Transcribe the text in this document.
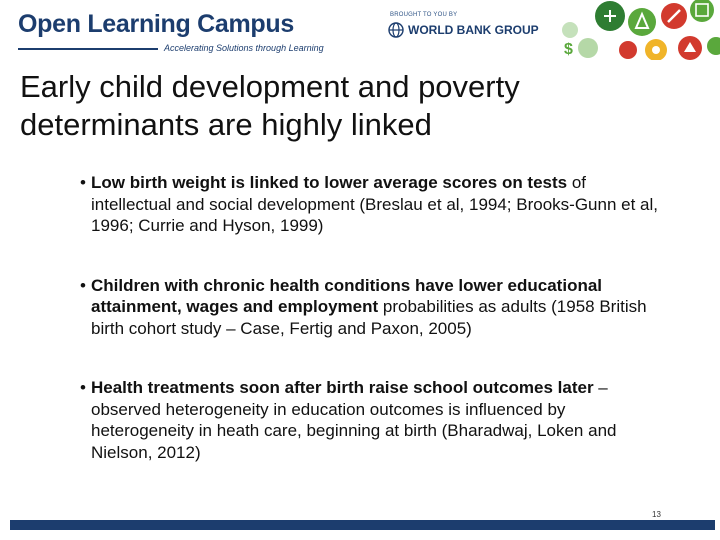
Open Learning Campus
Accelerating Solutions through Learning
BROUGHT TO YOU BY
WORLD BANK GROUP
$
Early child development and poverty
determinants are highly linked
• Low birth weight is linked to lower average scores on tests of intellectual and social development (Breslau et al, 1994; Brooks-Gunn et al, 1996; Currie and Hyson, 1999)
• Children with chronic health conditions have lower educational attainment, wages and employment probabilities as adults (1958 British birth cohort study – Case, Fertig and Paxon, 2005)
• Health treatments soon after birth raise school outcomes later – observed heterogeneity in education outcomes is influenced by heterogeneity in heath care, beginning at birth (Bharadwaj, Loken and Nielson, 2012)
13
